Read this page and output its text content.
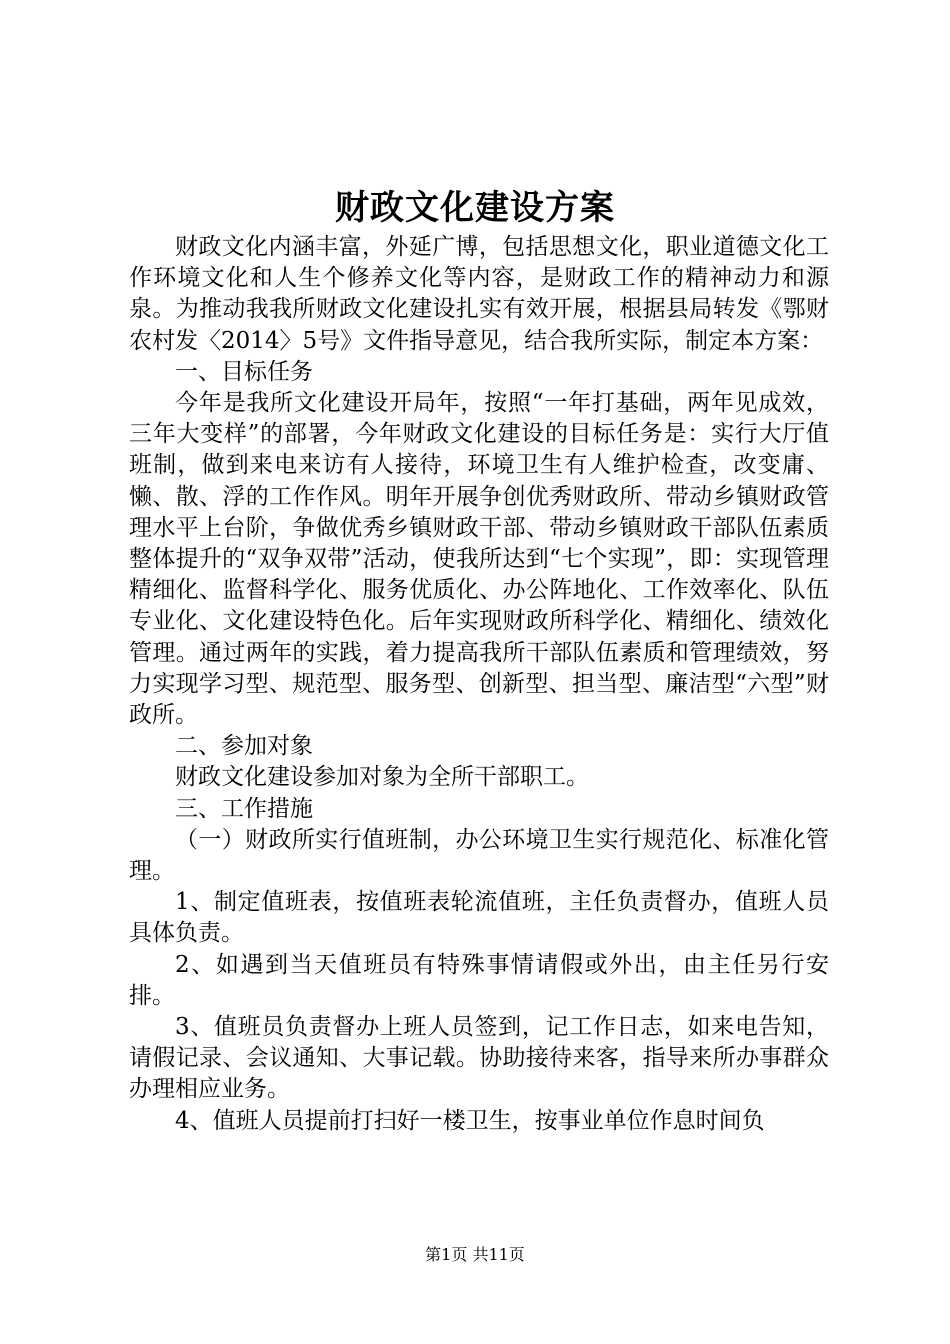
财政文化建设方案

财政文化内涵丰富，外延广博，包括思想文化，职业道德文化工作环境文化和人生个修养文化等内容，是财政工作的精神动力和源泉。为推动我我所财政文化建设扎实有效开展，根据县局转发《鄂财农村发〈2014〉5号》文件指导意见，结合我所实际，制定本方案：

一、目标任务

今年是我所文化建设开局年，按照“一年打基础，两年见成效，三年大变样”的部署，今年财政文化建设的目标任务是：实行大厅值班制，做到来电来访有人接待，环境卫生有人维护检查，改变庸、懒、散、浮的工作作风。明年开展争创优秀财政所、带动乡镇财政管理水平上台阶，争做优秀乡镇财政干部、带动乡镇财政干部队伍素质整体提升的“双争双带”活动，使我所达到“七个实现”，即：实现管理精细化、监督科学化、服务优质化、办公阵地化、工作效率化、队伍专业化、文化建设特色化。后年实现财政所科学化、精细化、绩效化管理。通过两年的实践，着力提高我所干部队伍素质和管理绩效，努力实现学习型、规范型、服务型、创新型、担当型、廉洁型“六型”财政所。

二、参加对象

财政文化建设参加对象为全所干部职工。

三、工作措施

（一）财政所实行值班制，办公环境卫生实行规范化、标准化管理。

1、制定值班表，按值班表轮流值班，主任负责督办，值班人员具体负责。

2、如遇到当天值班员有特殊事情请假或外出，由主任另行安排。

3、值班员负责督办上班人员签到，记工作日志，如来电告知，请假记录、会议通知、大事记载。协助接待来客，指导来所办事群众办理相应业务。

4、值班人员提前打扫好一楼卫生，按事业单位作息时间负

第1页 共11页
